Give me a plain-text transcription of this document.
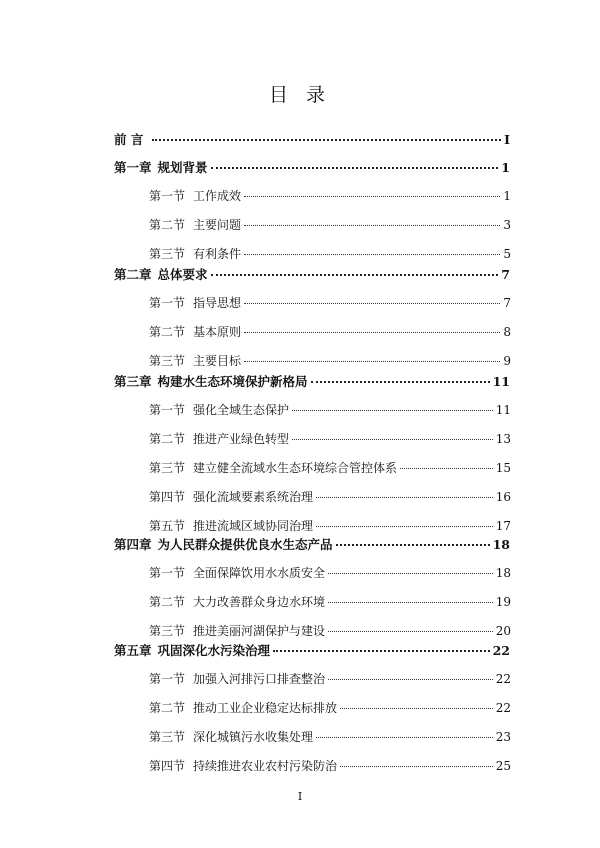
目 录
前 言	I
第一章 规划背景	1
第一节 工作成效	1
第二节 主要问题	3
第三节 有利条件	5
第二章 总体要求	7
第一节 指导思想	7
第二节 基本原则	8
第三节 主要目标	9
第三章 构建水生态环境保护新格局	11
第一节 强化全域生态保护	11
第二节 推进产业绿色转型	13
第三节 建立健全流域水生态环境综合管控体系	15
第四节 强化流域要素系统治理	16
第五节 推进流域区域协同治理	17
第四章 为人民群众提供优良水生态产品	18
第一节 全面保障饮用水水质安全	18
第二节 大力改善群众身边水环境	19
第三节 推进美丽河湖保护与建设	20
第五章 巩固深化水污染治理	22
第一节 加强入河排污口排查整治	22
第二节 推动工业企业稳定达标排放	22
第三节 深化城镇污水收集处理	23
第四节 持续推进农业农村污染防治	25
I
